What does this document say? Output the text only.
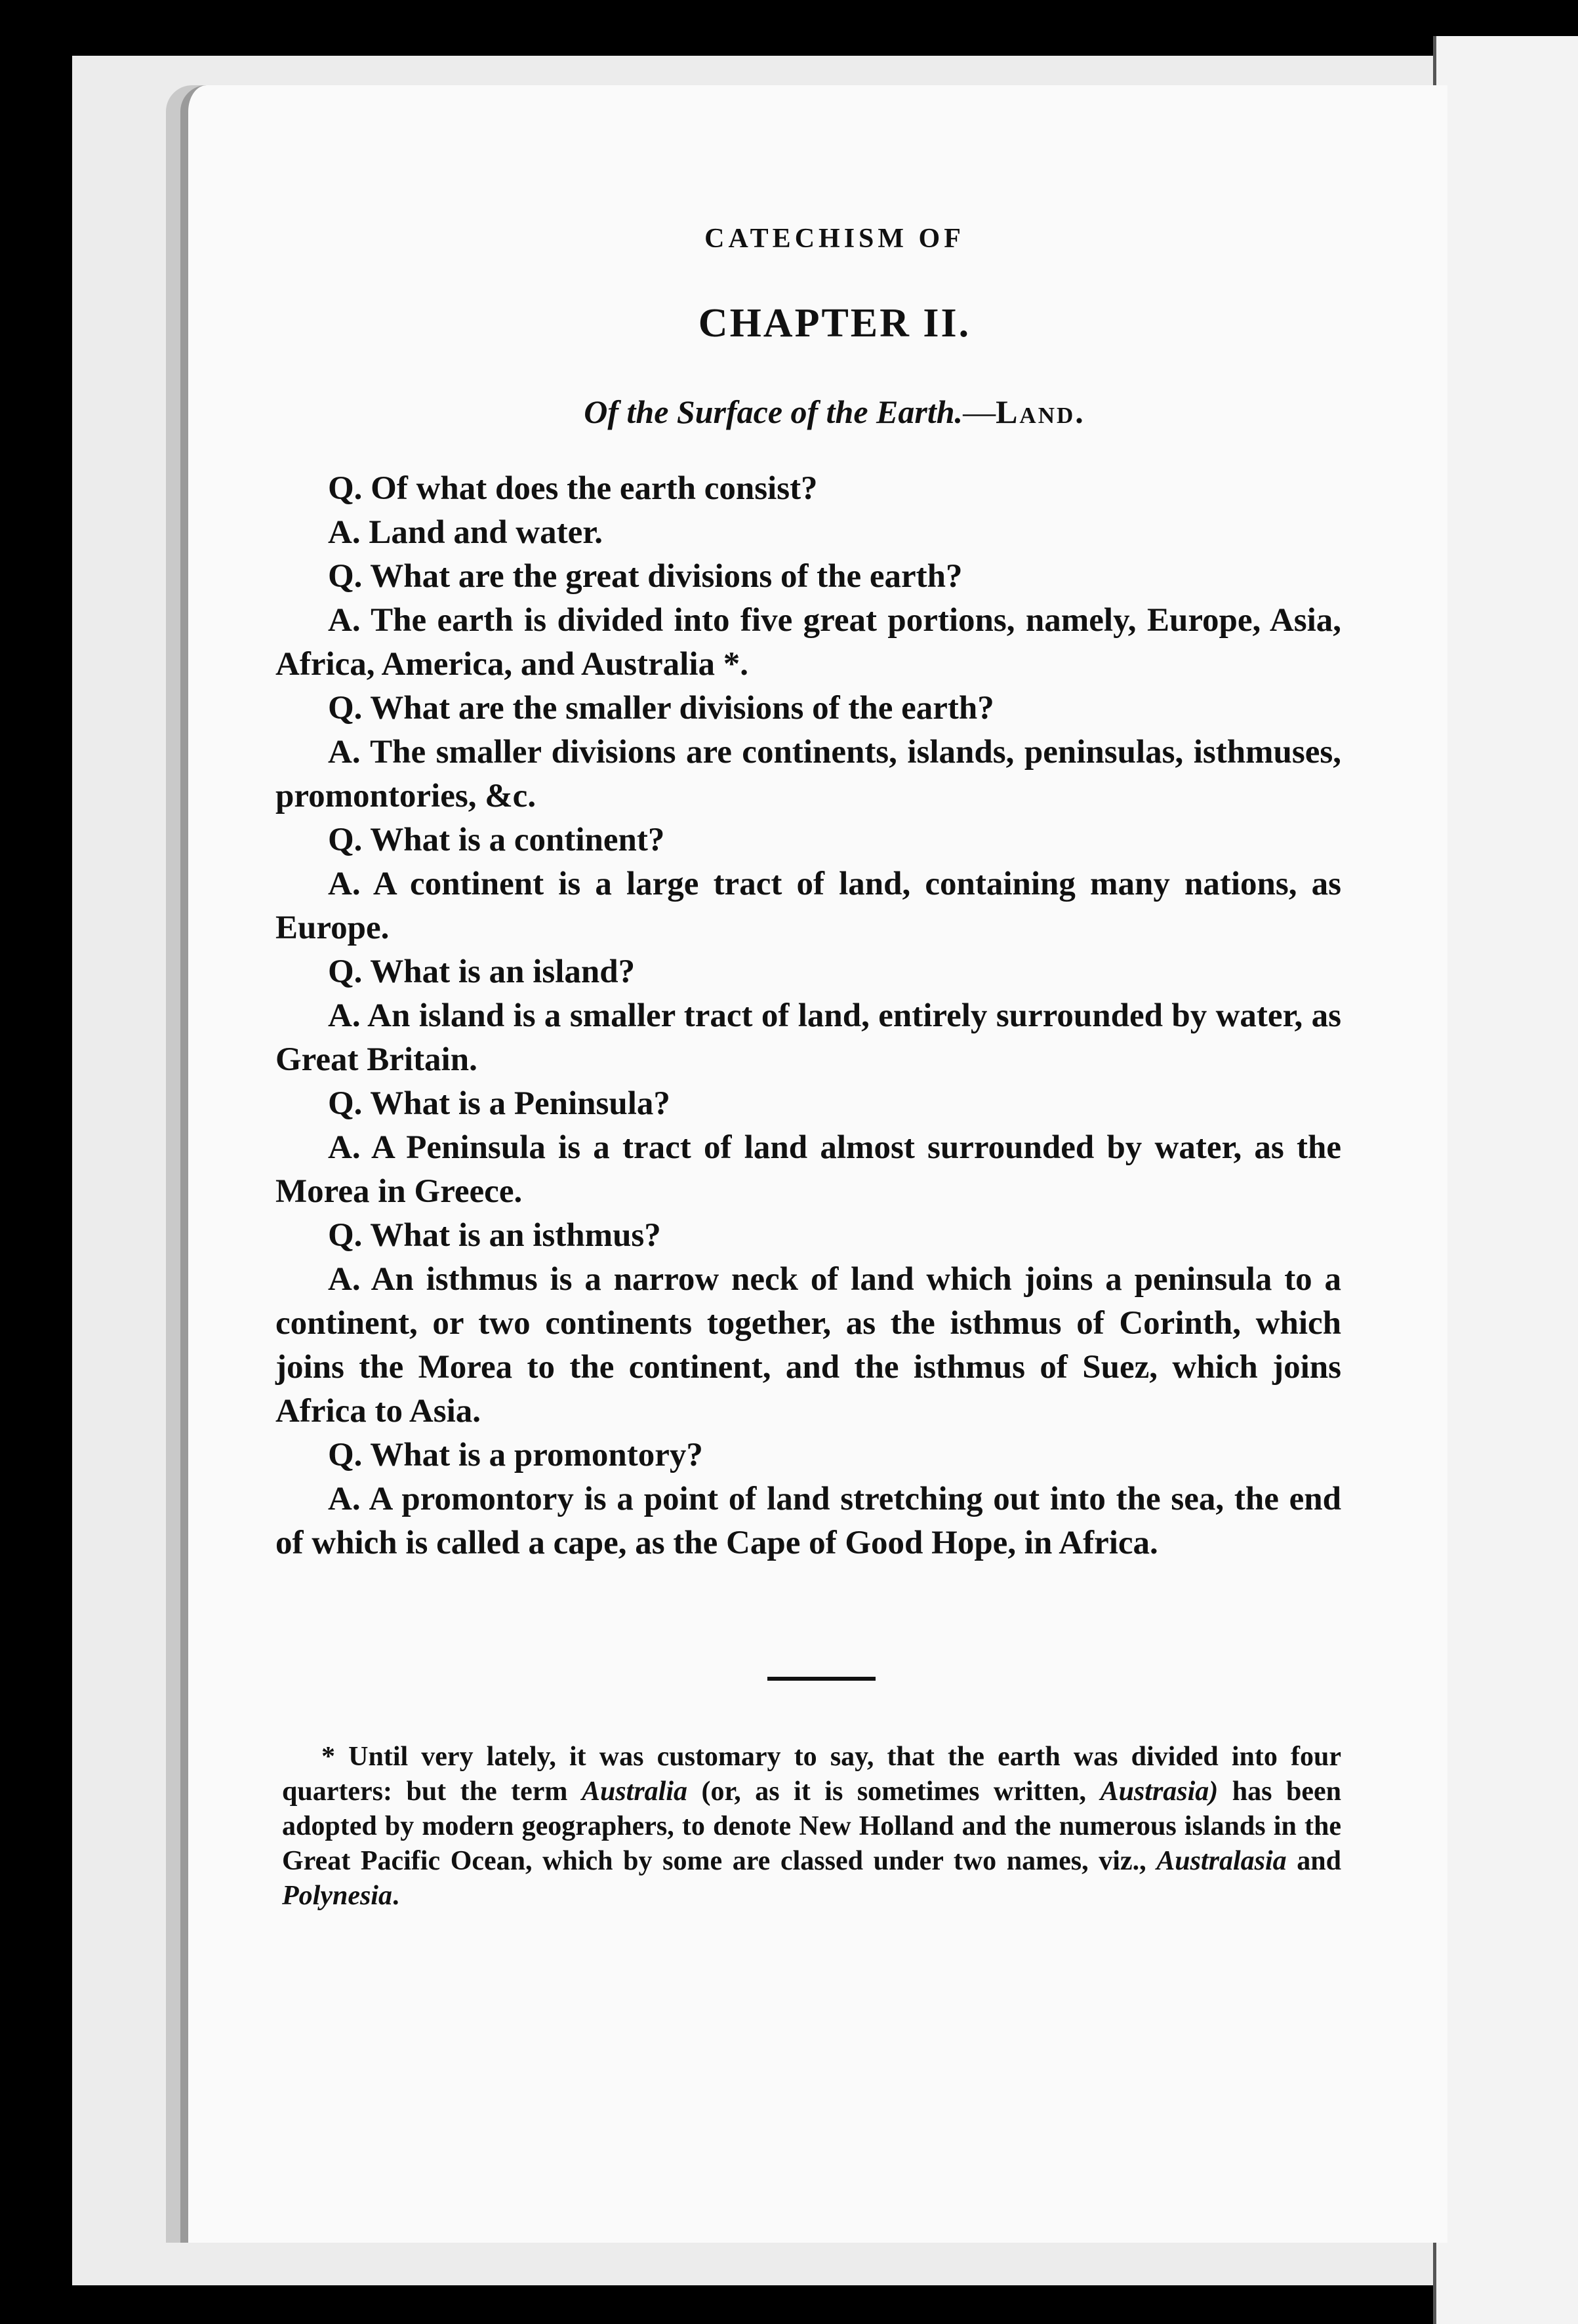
CATECHISM OF
CHAPTER II.
Of the Surface of the Earth.—Land.

Q. Of what does the earth consist?

A. Land and water.

Q. What are the great divisions of the earth?

A. The earth is divided into five great portions, namely, Europe, Asia, Africa, America, and Australia *.

Q. What are the smaller divisions of the earth?

A. The smaller divisions are continents, islands, peninsulas, isthmuses, promontories, &c.

Q. What is a continent?

A. A continent is a large tract of land, containing many nations, as Europe.

Q. What is an island?

A. An island is a smaller tract of land, entirely surrounded by water, as Great Britain.

Q. What is a Peninsula?

A. A Peninsula is a tract of land almost surrounded by water, as the Morea in Greece.

Q. What is an isthmus?

A. An isthmus is a narrow neck of land which joins a peninsula to a continent, or two continents together, as the isthmus of Corinth, which joins the Morea to the continent, and the isthmus of Suez, which joins Africa to Asia.

Q. What is a promontory?

A. A promontory is a point of land stretching out into the sea, the end of which is called a cape, as the Cape of Good Hope, in Africa.

* Until very lately, it was customary to say, that the earth was divided into four quarters: but the term Australia (or, as it is sometimes written, Austrasia) has been adopted by modern geographers, to denote New Holland and the numerous islands in the Great Pacific Ocean, which by some are classed under two names, viz., Australasia and Polynesia.
